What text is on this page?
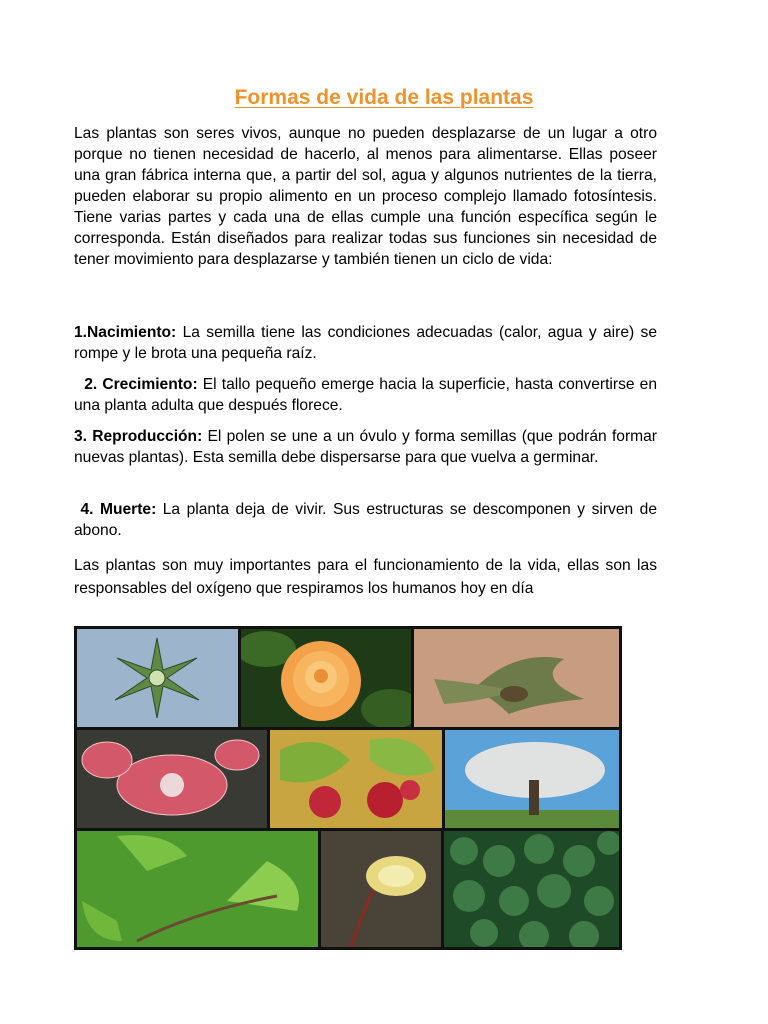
Formas de vida de las plantas
Las plantas son seres vivos, aunque no pueden desplazarse de un lugar a otro porque no tienen necesidad de hacerlo, al menos para alimentarse. Ellas poseer una gran fábrica interna que, a partir del sol, agua y algunos nutrientes de la tierra, pueden elaborar su propio alimento en un proceso complejo llamado fotosíntesis. Tiene varias partes y cada una de ellas cumple una función específica según le corresponda. Están diseñados para realizar todas sus funciones sin necesidad de tener movimiento para desplazarse y también tienen un ciclo de vida:
1.Nacimiento: La semilla tiene las condiciones adecuadas (calor, agua y aire) se rompe y le brota una pequeña raíz.
2. Crecimiento: El tallo pequeño emerge hacia la superficie, hasta convertirse en una planta adulta que después florece.
3. Reproducción: El polen se une a un óvulo y forma semillas (que podrán formar nuevas plantas). Esta semilla debe dispersarse para que vuelva a germinar.
4. Muerte: La planta deja de vivir. Sus estructuras se descomponen y sirven de abono.
Las plantas son muy importantes para el funcionamiento de la vida, ellas son las responsables del oxígeno que respiramos los humanos hoy en día
